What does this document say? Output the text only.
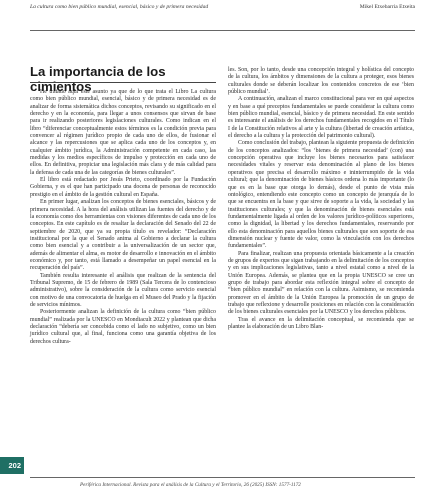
La cultura como bien público mundial, esencial, básico y de primera necesidad	Mikel Etxebarria Etxeita
La importancia de los cimientos

He tratado aquí este asunto ya que de lo que trata el Libro La cultura como bien público mundial, esencial, básico y de primera necesidad es de analizar de forma sistemática dichos conceptos, revisando su significado en el derecho y en la economía, para llegar a unos consensos que sirvan de base para ir realizando posteriores legislaciones culturales. Como indican en el libro “diferenciar conceptualmente estos términos es la condición previa para convencer al régimen jurídico propio de cada uno de ellos, de fusionar el alcance y las repercusiones que se aplica cada uno de los conceptos y, en cualquier ámbito jurídica, la Administración competente en cada caso, las medidas y los medios específicos de impulso y protección en cada uno de ellos. En definitiva, propiciar una legislación más clara y de más calidad para la defensa de cada una de las categorías de bienes culturales”.

El libro está redactado por Jesús Prieto, coordinado por la Fundación Gobierna, y es el que han participado una docena de personas de reconocido prestigio en el ámbito de la gestión cultural en España.

En primer lugar, analizan los conceptos de bienes esenciales, básicos y de primera necesidad. A la hora del análisis utilizan las fuentes del derecho y de la economía como dos herramientas con visiones diferentes de cada uno de los conceptos. En este capítulo es de resaltar la declaración del Senado del 22 de septiembre de 2020, que ya su propia título es revelador: “Declaración institucional por la que el Senado anima al Gobierno a declarar la cultura como bien esencial y a contribuir a la universalización de un sector que, además de alimentar el alma, es motor de desarrollo e innovación en el ámbito económico y, por tanto, está llamado a desempeñar un papel esencial en la recuperación del país”.

También resulta interesante el análisis que realizan de la sentencia del Tribunal Supremo, de 15 de febrero de 1989 (Sala Tercera de lo contencioso administrativo), sobre la consideración de la cultura como servicio esencial con motivo de una convocatoria de huelga en el Museo del Prado y la fijación de servicios mínimos.

Posteriormente analizan la definición de la cultura como “bien público mundial” realizada por la UNESCO en Mondiacult 2022 y plantean que dicha declaración “debería ser concebida como el lado no subjetivo, como un bien jurídico cultural que, al final, funciona como una garantía objetiva de los derechos cultura-

les. Son, por lo tanto, desde una concepción integral y holística del concepto de la cultura, los ámbitos y dimensiones de la cultura a proteger, esos bienes culturales donde se deberán localizar los contenidos concretos de ese ‘bien público mundial’.

A continuación, analizan el marco constitucional para ver en qué aspectos y en base a qué preceptos fundamentales se puede considerar la cultura como bien público mundial, esencial, básico y de primera necesidad. En este sentido es interesante el análisis de los derechos fundamentales recogidos en el Título I de la Constitución relativos al arte y la cultura (libertad de creación artística, el derecho a la cultura y la protección del patrimonio cultural).

Como conclusión del trabajo, plantean la siguiente propuesta de definición de los conceptos analizados: “los ‘bienes de primera necesidad’ (con) una concepción operativa que incluye los bienes necesarios para satisfacer necesidades vitales y reservar esta denominación al plano de los bienes operativos que precisa el desarrollo máximo e ininterrumpido de la vida cultural; que la denominación de bienes básicos ordena lo más importante (lo que es en la base que otorga lo demás), desde el punto de vista más ontológico, entendiendo este concepto como un concepto de jerarquía de lo que se encuentra en la base y que sirve de soporte a la vida, la sociedad y las instituciones culturales; y que la denominación de bienes esenciales está fundamentalmente ligada al orden de los valores jurídico-políticos superiores, como la dignidad, la libertad y los derechos fundamentales, reservando por ello esta denominación para aquellos bienes culturales que son soporte de esa dimensión nuclear y fuente de valor, como la vinculación con los derechos fundamentales”.

Para finalizar, realizan una propuesta orientada básicamente a la creación de grupos de expertos que sigan trabajando en la delimitación de los conceptos y en sus implicaciones legislativas, tanto a nivel estatal como a nivel de la Unión Europea. Además, se plantea que en la propia UNESCO se cree un grupo de trabajo para abordar esta reflexión integral sobre el concepto de “bien público mundial” en relación con la cultura. Asimismo, se recomienda promover en el ámbito de la Unión Europea la promoción de un grupo de trabajo que reflexione y desarrolle posiciones en relación con la consideración de los bienes culturales esenciales por la UNESCO y los derechos públicos.

Tras el avance en la delimitación conceptual, se recomienda que se plantee la elaboración de un Libro Blan-

202
Periférica Internacional. Revista para el análisis de la Cultura y el Territorio, 26 (2025) ISSN: 1577-1172
